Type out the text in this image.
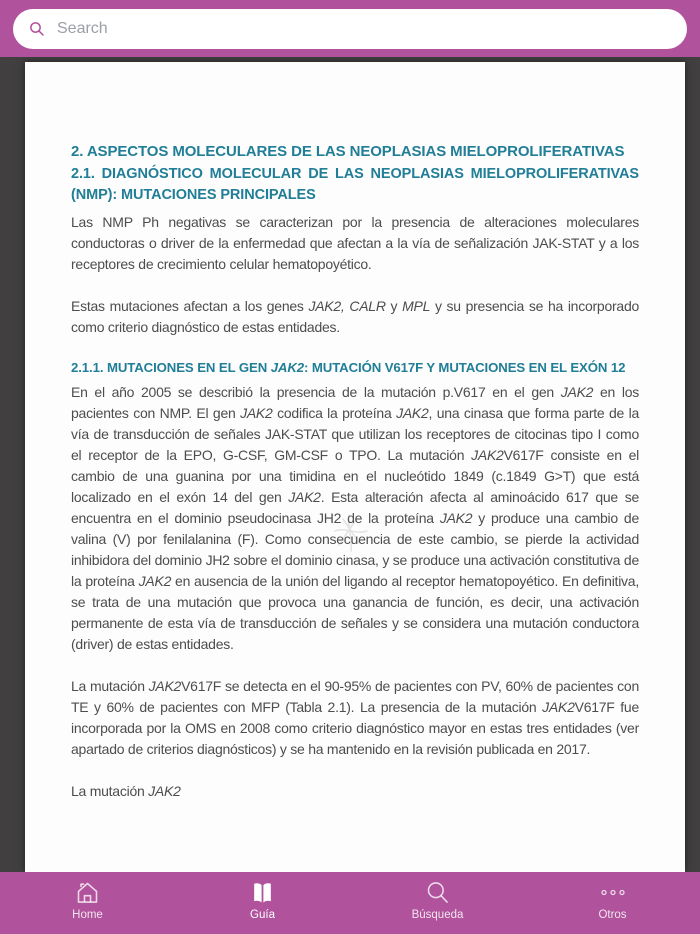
Search
2. ASPECTOS MOLECULARES DE LAS NEOPLASIAS MIELOPROLIFERATIVAS
2.1. DIAGNÓSTICO MOLECULAR DE LAS NEOPLASIAS MIELOPROLIFERATIVAS (NMP): MUTACIONES PRINCIPALES

Las NMP Ph negativas se caracterizan por la presencia de alteraciones moleculares conductoras o driver de la enfermedad que afectan a la vía de señalización JAK-STAT y a los receptores de crecimiento celular hematopoyético.

Estas mutaciones afectan a los genes JAK2, CALR y MPL y su presencia se ha incorporado como criterio diagnóstico de estas entidades.

2.1.1. MUTACIONES EN EL GEN JAK2: MUTACIÓN V617F Y MUTACIONES EN EL EXÓN 12

En el año 2005 se describió la presencia de la mutación p.V617 en el gen JAK2 en los pacientes con NMP. El gen JAK2 codifica la proteína JAK2, una cinasa que forma parte de la vía de transducción de señales JAK-STAT que utilizan los receptores de citocinas tipo I como el receptor de la EPO, G-CSF, GM-CSF o TPO. La mutación JAK2V617F consiste en el cambio de una guanina por una timidina en el nucleótido 1849 (c.1849 G>T) que está localizado en el exón 14 del gen JAK2. Esta alteración afecta al aminoácido 617 que se encuentra en el dominio pseudocinasa JH2 de la proteína JAK2 y produce una cambio de valina (V) por fenilalanina (F). Como consecuencia de este cambio, se pierde la actividad inhibidora del dominio JH2 sobre el dominio cinasa, y se produce una activación constitutiva de la proteína JAK2 en ausencia de la unión del ligando al receptor hematopoyético. En definitiva, se trata de una mutación que provoca una ganancia de función, es decir, una activación permanente de esta vía de transducción de señales y se considera una mutación conductora (driver) de estas entidades.

La mutación JAK2V617F se detecta en el 90-95% de pacientes con PV, 60% de pacientes con TE y 60% de pacientes con MFP (Tabla 2.1). La presencia de la mutación JAK2V617F fue incorporada por la OMS en 2008 como criterio diagnóstico mayor en estas tres entidades (ver apartado de criterios diagnósticos) y se ha mantenido en la revisión publicada en 2017.

La mutación JAK2

Home	Guía	Búsqueda	Otros
